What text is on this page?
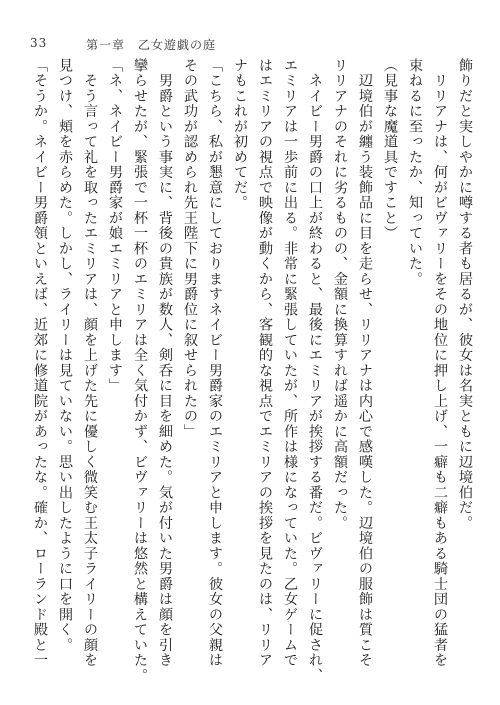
33	第一章　乙女遊戯の庭
飾りだと実しやかに噂する者も居るが、彼女は名実ともに辺境伯だ。
　リリアナは、何がビヴァリーをその地位に押し上げ、一癖も二癖もある騎士団の猛者を
束ねるに至ったか、知っていた。
（見事な魔道具ですこと）
　辺境伯が纏う装飾品に目を走らせ、リリアナは内心で感嘆した。辺境伯の服飾は質こそ
リリアナのそれに劣るものの、金額に換算すれば遥かに高額だった。
　ネイビー男爵の口上が終わると、最後にエミリアが挨拶する番だ。ビヴァリーに促され、
エミリアは一歩前に出る。非常に緊張していたが、所作は様になっていた。乙女ゲームで
はエミリアの視点で映像が動くから、客観的な視点でエミリアの挨拶を見たのは、リリア
ナもこれが初めてだ。
「こちら、私が懇意にしておりますネイビー男爵家のエミリアと申します。彼女の父親は
その武功が認められ先王陛下に男爵位に叙せられたの」
　男爵という事実に、背後の貴族が数人、剣呑に目を細めた。気が付いた男爵は顔を引き
攣らせたが、緊張で一杯一杯のエミリアは全く気付かず、ビヴァリーは悠然と構えていた。
「ネ、ネイビー男爵家が娘エミリアと申します」
　そう言って礼を取ったエミリアは、顔を上げた先に優しく微笑む王太子ライリーの顔を
見つけ、頬を赤らめた。しかし、ライリーは見ていない。思い出したように口を開く。
「そうか。ネイビー男爵領といえば、近郊に修道院があったな。確か、ローランド殿と一
